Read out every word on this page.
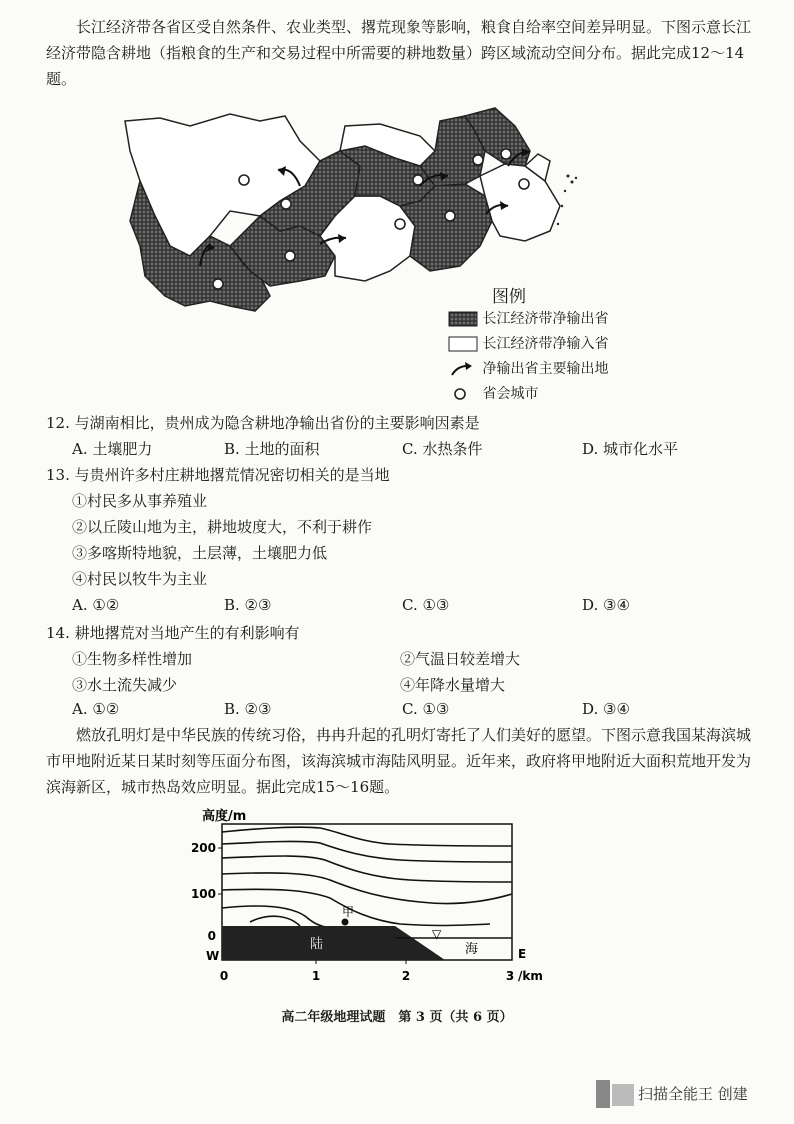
长江经济带各省区受自然条件、农业类型、撂荒现象等影响，粮食自给率空间差异明显。下图示意长江经济带隐含耕地（指粮食的生产和交易过程中所需要的耕地数量）跨区域流动空间分布。据此完成12～14题。
图例
长江经济带净输出省
长江经济带净输入省
净输出省主要输出地
省会城市
12. 与湖南相比，贵州成为隐含耕地净输出省份的主要影响因素是
A. 土壤肥力	B. 土地的面积	C. 水热条件	D. 城市化水平
13. 与贵州许多村庄耕地撂荒情况密切相关的是当地
①村民多从事养殖业
②以丘陵山地为主，耕地坡度大，不利于耕作
③多喀斯特地貌，土层薄，土壤肥力低
④村民以牧牛为主业
A. ①②	B. ②③	C. ①③	D. ③④
14. 耕地撂荒对当地产生的有利影响有
①生物多样性增加	②气温日较差增大
③水土流失减少	④年降水量增大
A. ①②	B. ②③	C. ①③	D. ③④
燃放孔明灯是中华民族的传统习俗，冉冉升起的孔明灯寄托了人们美好的愿望。下图示意我国某海滨城市甲地附近某日某时刻等压面分布图，该海滨城市海陆风明显。近年来，政府将甲地附近大面积荒地开发为滨海新区，城市热岛效应明显。据此完成15～16题。
高度/m
200
100
0
甲
▽
陆	海
W	E
0	1	2	3 /km
高二年级地理试题　第 3 页（共 6 页）
扫描全能王 创建
